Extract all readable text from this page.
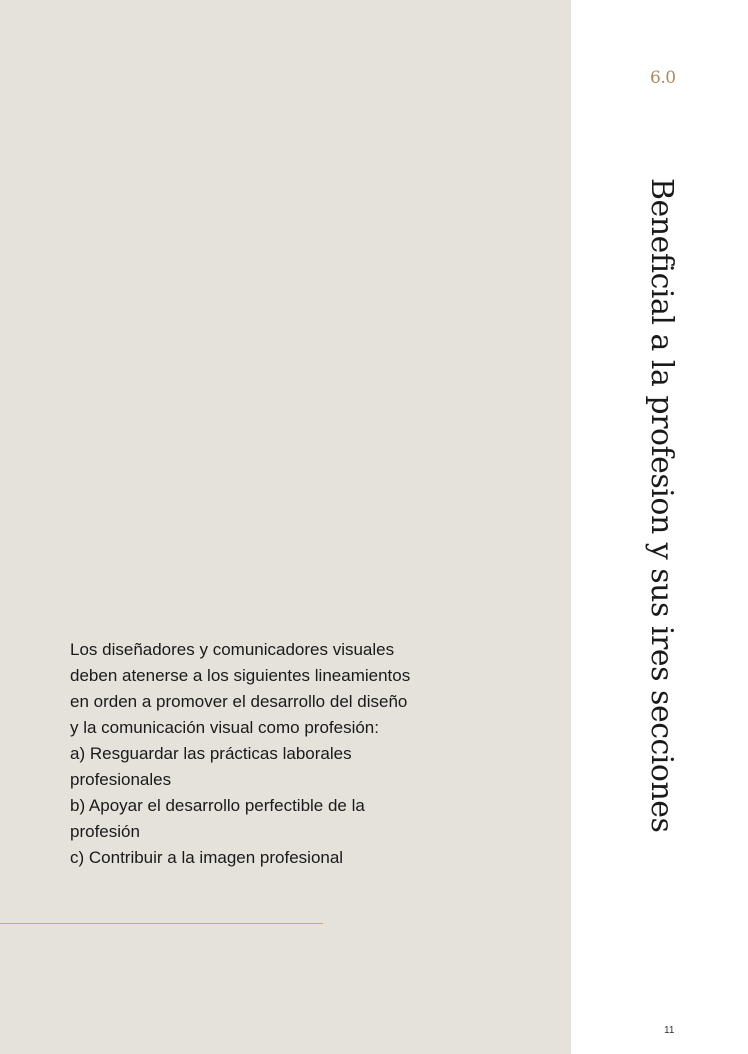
Los diseñadores y comunicadores visuales deben atenerse a los siguientes lineamientos en orden a promover el desarrollo del diseño y la comunicación visual como profesión:

a) Resguardar las prácticas laborales profesionales

b) Apoyar el desarrollo perfectible de la profesión

c) Contribuir a la imagen profesional

6.0
Beneficial a la profesion y sus ires secciones
11
